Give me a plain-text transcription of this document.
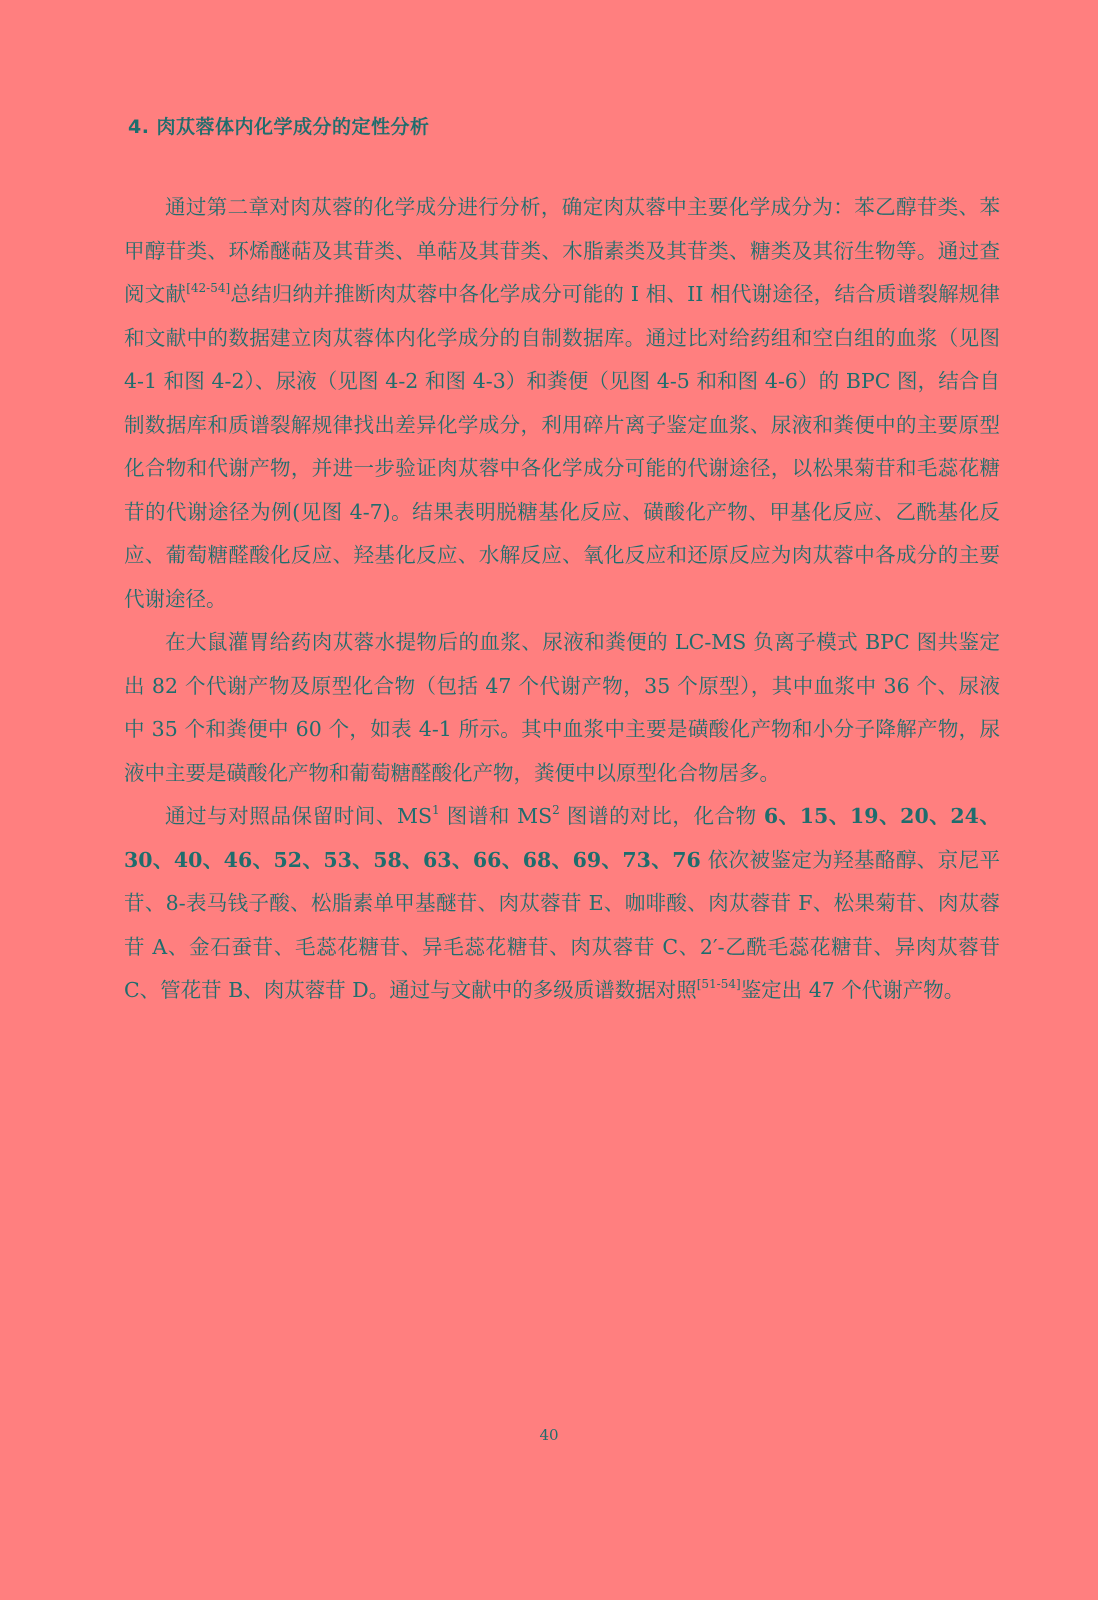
4. 肉苁蓉体内化学成分的定性分析

通过第二章对肉苁蓉的化学成分进行分析，确定肉苁蓉中主要化学成分为：苯乙醇苷类、苯甲醇苷类、环烯醚萜及其苷类、单萜及其苷类、木脂素类及其苷类、糖类及其衍生物等。通过查阅文献[42-54]总结归纳并推断肉苁蓉中各化学成分可能的 I 相、II 相代谢途径，结合质谱裂解规律和文献中的数据建立肉苁蓉体内化学成分的自制数据库。通过比对给药组和空白组的血浆（见图 4-1 和图 4-2）、尿液（见图 4-2 和图 4-3）和粪便（见图 4-5 和和图 4-6）的 BPC 图，结合自制数据库和质谱裂解规律找出差异化学成分，利用碎片离子鉴定血浆、尿液和粪便中的主要原型化合物和代谢产物，并进一步验证肉苁蓉中各化学成分可能的代谢途径，以松果菊苷和毛蕊花糖苷的代谢途径为例(见图 4-7)。结果表明脱糖基化反应、磺酸化产物、甲基化反应、乙酰基化反应、葡萄糖醛酸化反应、羟基化反应、水解反应、氧化反应和还原反应为肉苁蓉中各成分的主要代谢途径。

在大鼠灌胃给药肉苁蓉水提物后的血浆、尿液和粪便的 LC-MS 负离子模式 BPC 图共鉴定出 82 个代谢产物及原型化合物（包括 47 个代谢产物，35 个原型），其中血浆中 36 个、尿液中 35 个和粪便中 60 个，如表 4-1 所示。其中血浆中主要是磺酸化产物和小分子降解产物，尿液中主要是磺酸化产物和葡萄糖醛酸化产物，粪便中以原型化合物居多。

通过与对照品保留时间、$MS^1$ 图谱和 $MS^2$ 图谱的对比，化合物 6、15、19、20、24、30、40、46、52、53、58、63、66、68、69、73、76 依次被鉴定为羟基酪醇、京尼平苷、8-表马钱子酸、松脂素单甲基醚苷、肉苁蓉苷 E、咖啡酸、肉苁蓉苷 F、松果菊苷、肉苁蓉苷 A、金石蚕苷、毛蕊花糖苷、异毛蕊花糖苷、肉苁蓉苷 C、2′-乙酰毛蕊花糖苷、异肉苁蓉苷 C、管花苷 B、肉苁蓉苷 D。通过与文献中的多级质谱数据对照[51-54]鉴定出 47 个代谢产物。

40
